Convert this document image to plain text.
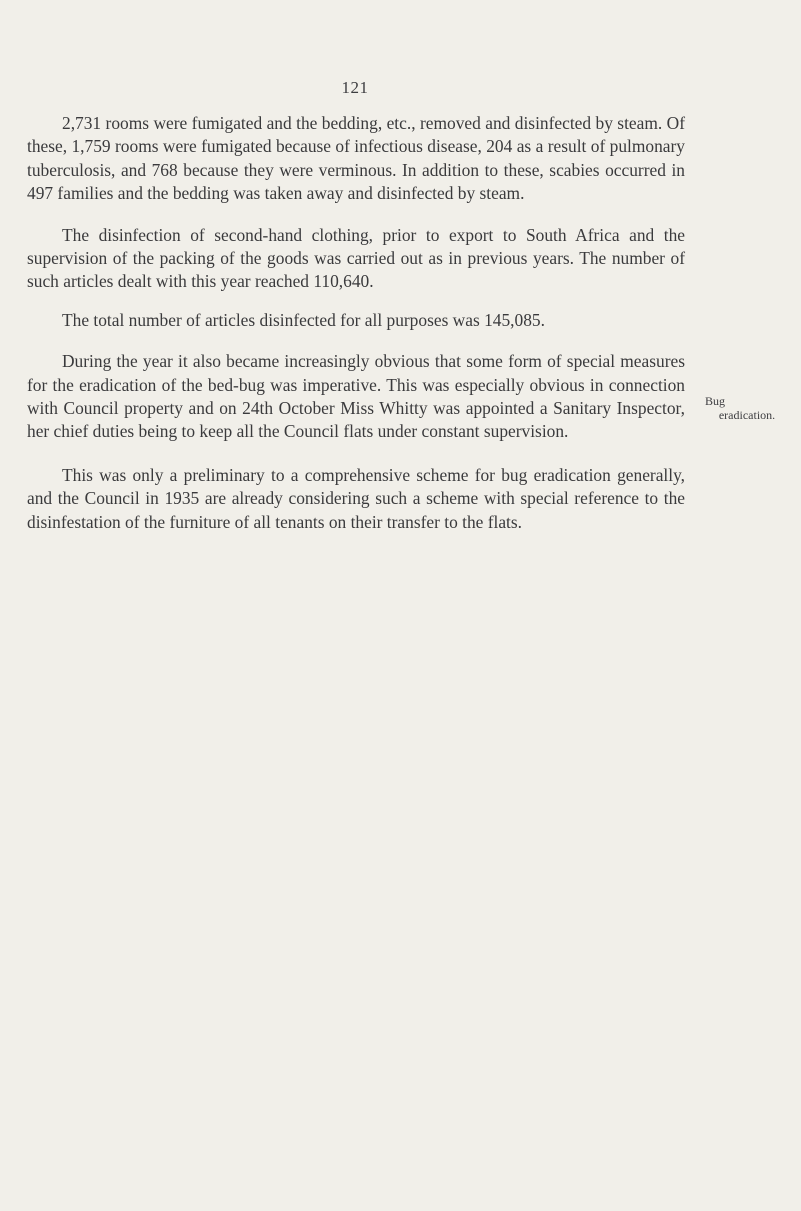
121

2,731 rooms were fumigated and the bedding, etc., removed and disinfected by steam. Of these, 1,759 rooms were fumigated because of infectious disease, 204 as a result of pulmonary tuberculosis, and 768 because they were verminous. In addition to these, scabies occurred in 497 families and the bedding was taken away and disinfected by steam.

The disinfection of second-hand clothing, prior to export to South Africa and the supervision of the packing of the goods was carried out as in previous years. The number of such articles dealt with this year reached 110,640.

The total number of articles disinfected for all purposes was 145,085.

During the year it also became increasingly obvious that some form of special measures for the eradication of the bed-bug was imperative. This was especially obvious in connection with Council property and on 24th October Miss Whitty was appointed a Sanitary Inspector, her chief duties being to keep all the Council flats under constant supervision.

This was only a preliminary to a comprehensive scheme for bug eradication generally, and the Council in 1935 are already considering such a scheme with special reference to the disinfestation of the furniture of all tenants on their transfer to the flats.

Bug
eradication.
